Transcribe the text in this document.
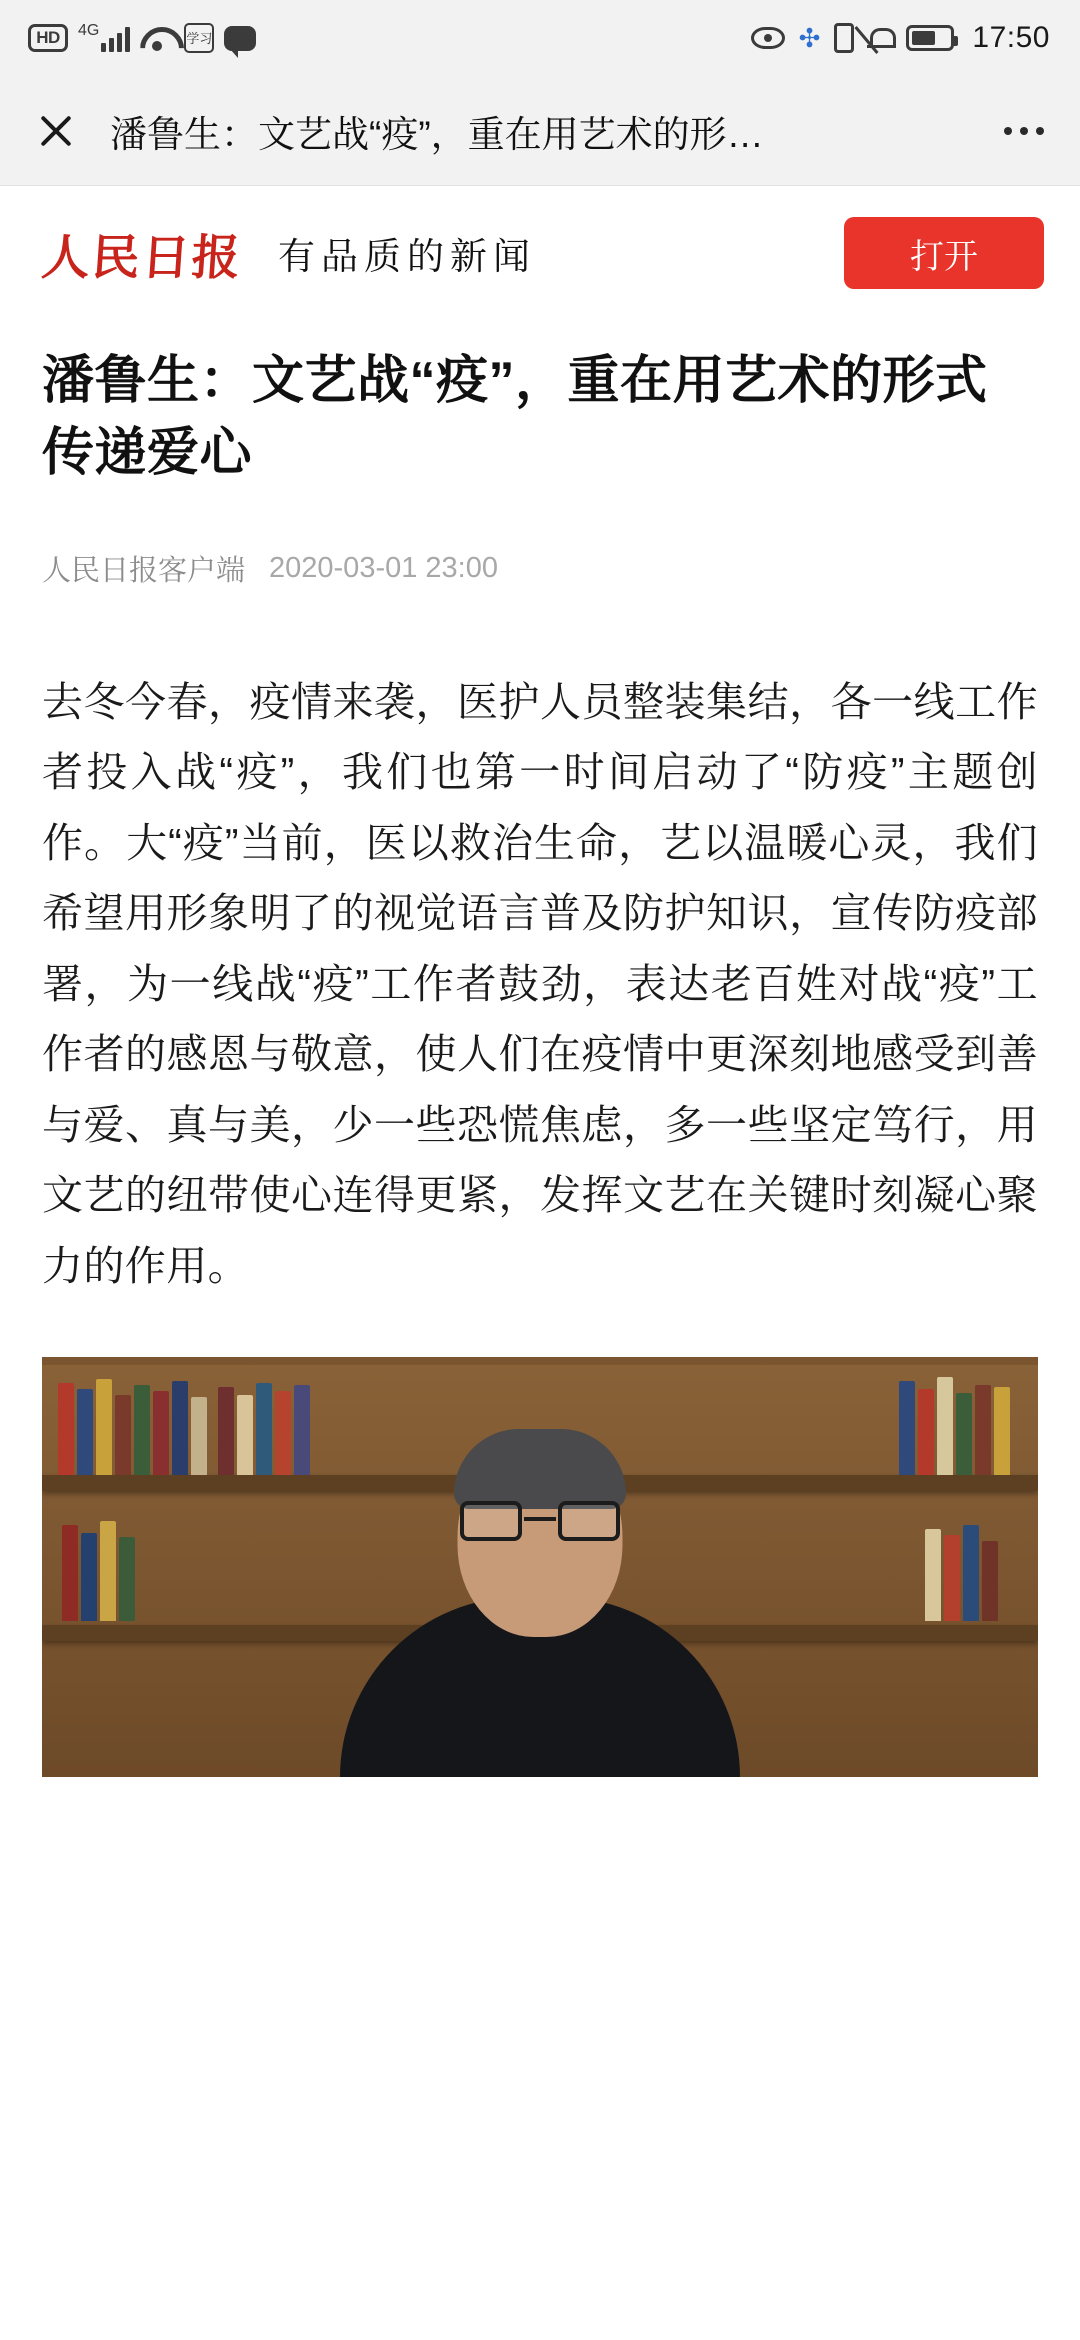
HD	4G	学习	✣	17:50
潘鲁生：文艺战“疫”，重在用艺术的形…
人民日报 有品质的新闻	打开
潘鲁生：文艺战“疫”，重在用艺术的形式传递爱心
人民日报客户端 2020-03-01 23:00

去冬今春，疫情来袭，医护人员整装集结，各一线工作者投入战“疫”，我们也第一时间启动了“防疫”主题创作。大“疫”当前，医以救治生命，艺以温暖心灵，我们希望用形象明了的视觉语言普及防护知识，宣传防疫部署，为一线战“疫”工作者鼓劲，表达老百姓对战“疫”工作者的感恩与敬意，使人们在疫情中更深刻地感受到善与爱、真与美，少一些恐慌焦虑，多一些坚定笃行，用文艺的纽带使心连得更紧，发挥文艺在关键时刻凝心聚力的作用。
